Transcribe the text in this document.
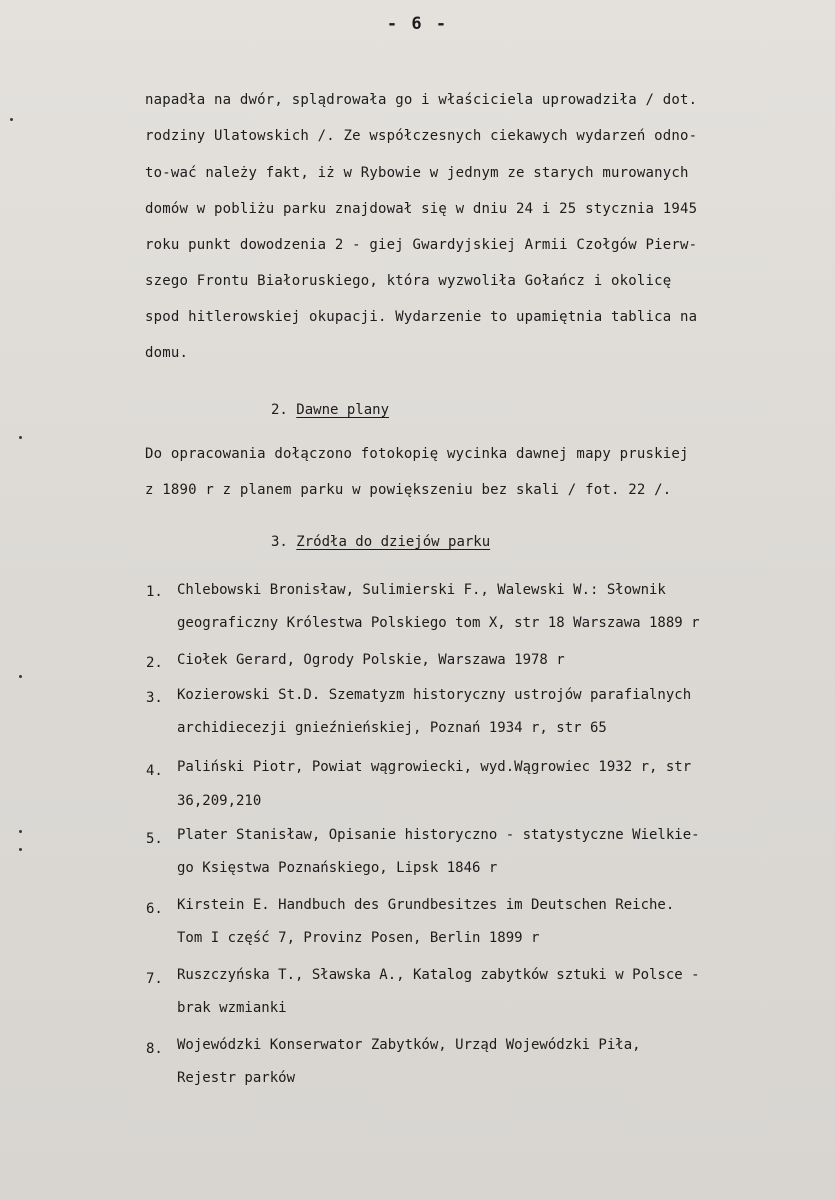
- 6 -
napadła na dwór, splądrowała go i właściciela uprowadziła / dot.
rodziny Ulatowskich /. Ze współczesnych ciekawych wydarzeń odno-
to-wać należy fakt, iż w Rybowie w jednym ze starych murowanych
domów w pobliżu parku znajdował się w dniu 24 i 25 stycznia 1945
roku punkt dowodzenia 2 - giej Gwardyjskiej Armii Czołgów Pierw-
szego Frontu Białoruskiego, która wyzwoliła Gołańcz i okolicę
spod hitlerowskiej okupacji. Wydarzenie to upamiętnia tablica na
domu.
2. Dawne plany
Do opracowania dołączono fotokopię wycinka dawnej mapy pruskiej
z 1890 r z planem parku w powiększeniu bez skali / fot. 22 /.
3. Zródła do dziejów parku
1. Chlebowski Bronisław, Sulimierski F., Walewski W.: Słownik
geograficzny Królestwa Polskiego tom X, str 18 Warszawa 1889 r
2. Ciołek Gerard, Ogrody Polskie, Warszawa 1978 r
3. Kozierowski St.D. Szematyzm historyczny ustrojów parafialnych
archidiecezji gnieźnieńskiej, Poznań 1934 r, str 65
4. Paliński Piotr, Powiat wągrowiecki, wyd.Wągrowiec 1932 r, str
36,209,210
5. Plater Stanisław, Opisanie historyczno - statystyczne Wielkie-
go Księstwa Poznańskiego, Lipsk 1846 r
6. Kirstein E. Handbuch des Grundbesitzes im Deutschen Reiche.
Tom I część 7, Provinz Posen, Berlin 1899 r
7. Ruszczyńska T., Sławska A., Katalog zabytków sztuki w Polsce -
brak wzmianki
8. Wojewódzki Konserwator Zabytków, Urząd Wojewódzki Piła,
Rejestr parków
